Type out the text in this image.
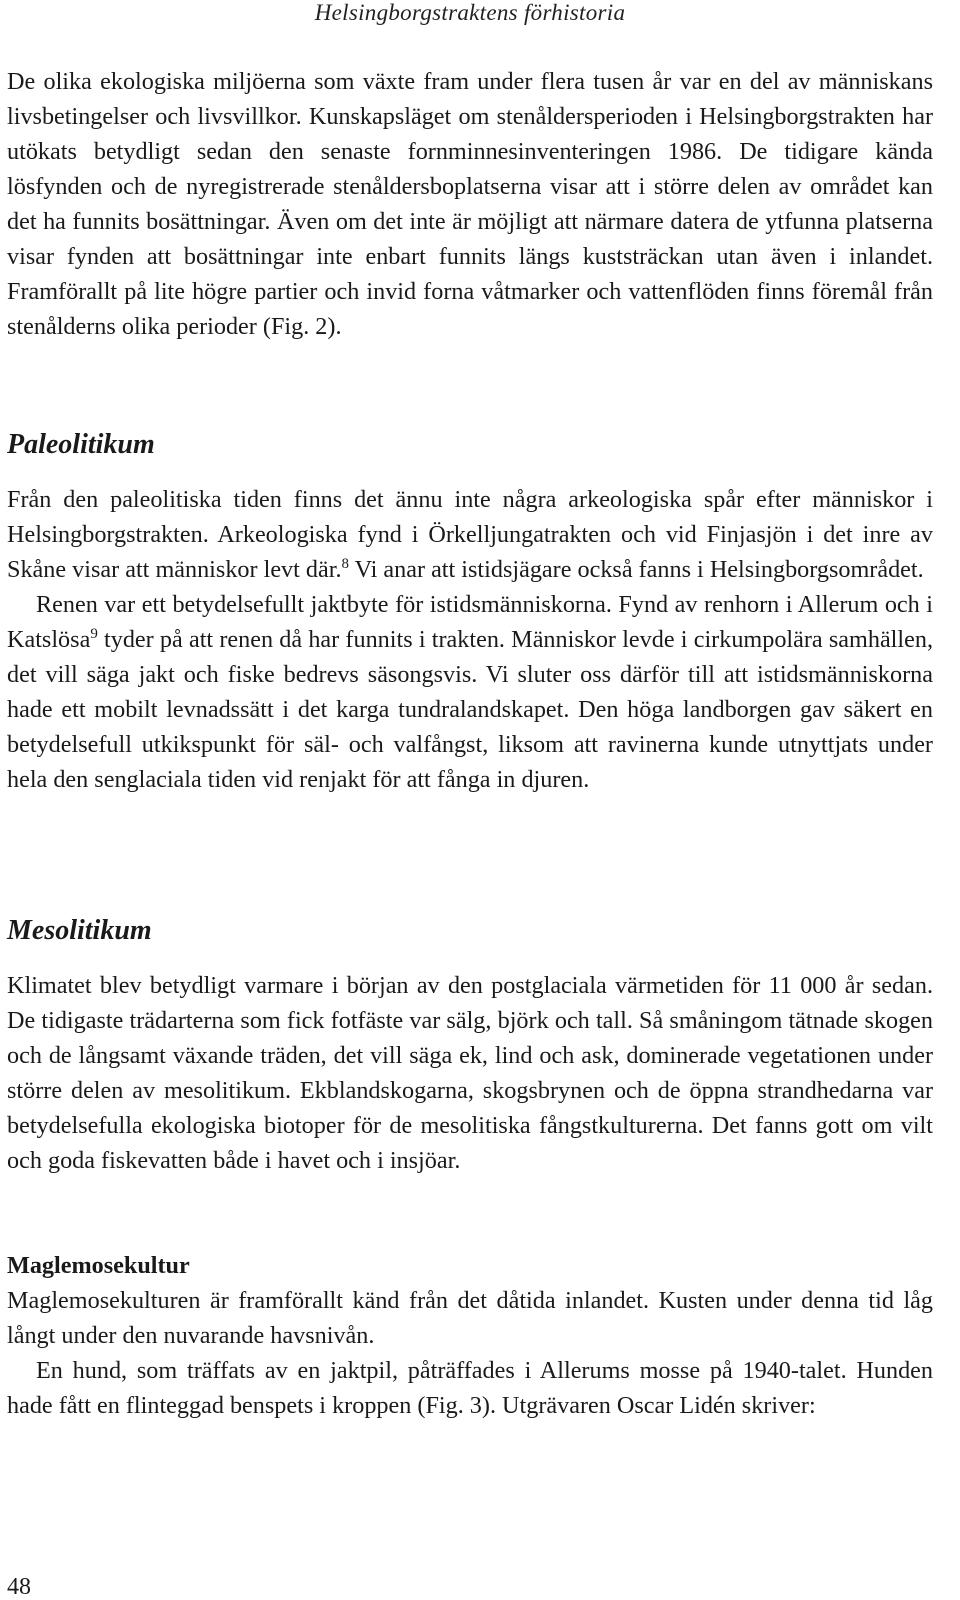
Helsingborgstraktens förhistoria

De olika ekologiska miljöerna som växte fram under flera tusen år var en del av människans livsbetingelser och livsvillkor. Kunskapsläget om stenåldersperioden i Helsingborgstrakten har utökats betydligt sedan den senaste fornminnesinventeringen 1986. De tidigare kända lösfynden och de nyregistrerade stenåldersboplatserna visar att i större delen av området kan det ha funnits bosättningar. Även om det inte är möjligt att närmare datera de ytfunna platserna visar fynden att bosättningar inte enbart funnits längs kuststräckan utan även i inlandet. Framförallt på lite högre partier och invid forna våtmarker och vattenflöden finns föremål från stenålderns olika perioder (Fig. 2).

Paleolitikum

Från den paleolitiska tiden finns det ännu inte några arkeologiska spår efter människor i Helsingborgstrakten. Arkeologiska fynd i Örkelljungatrakten och vid Finjasjön i det inre av Skåne visar att människor levt där.$^8$ Vi anar att istidsjägare också fanns i Helsingborgsområdet.

Renen var ett betydelsefullt jaktbyte för istidsmänniskorna. Fynd av renhorn i Allerum och i Katslösa$^9$ tyder på att renen då har funnits i trakten. Människor levde i cirkumpolära samhällen, det vill säga jakt och fiske bedrevs säsongsvis. Vi sluter oss därför till att istidsmänniskorna hade ett mobilt levnadssätt i det karga tundralandskapet. Den höga landborgen gav säkert en betydelsefull utkikspunkt för säl- och valfångst, liksom att ravinerna kunde utnyttjats under hela den senglaciala tiden vid renjakt för att fånga in djuren.

Mesolitikum

Klimatet blev betydligt varmare i början av den postglaciala värmetiden för 11 000 år sedan. De tidigaste trädarterna som fick fotfäste var sälg, björk och tall. Så småningom tätnade skogen och de långsamt växande träden, det vill säga ek, lind och ask, dominerade vegetationen under större delen av mesolitikum. Ekblandskogarna, skogsbrynen och de öppna strandhedarna var betydelsefulla ekologiska biotoper för de mesolitiska fångstkulturerna. Det fanns gott om vilt och goda fiskevatten både i havet och i insjöar.

Maglemosekultur

Maglemosekulturen är framförallt känd från det dåtida inlandet. Kusten under denna tid låg långt under den nuvarande havsnivån.

En hund, som träffats av en jaktpil, påträffades i Allerums mosse på 1940-talet. Hunden hade fått en flinteggad benspets i kroppen (Fig. 3). Utgrävaren Oscar Lidén skriver:

48
